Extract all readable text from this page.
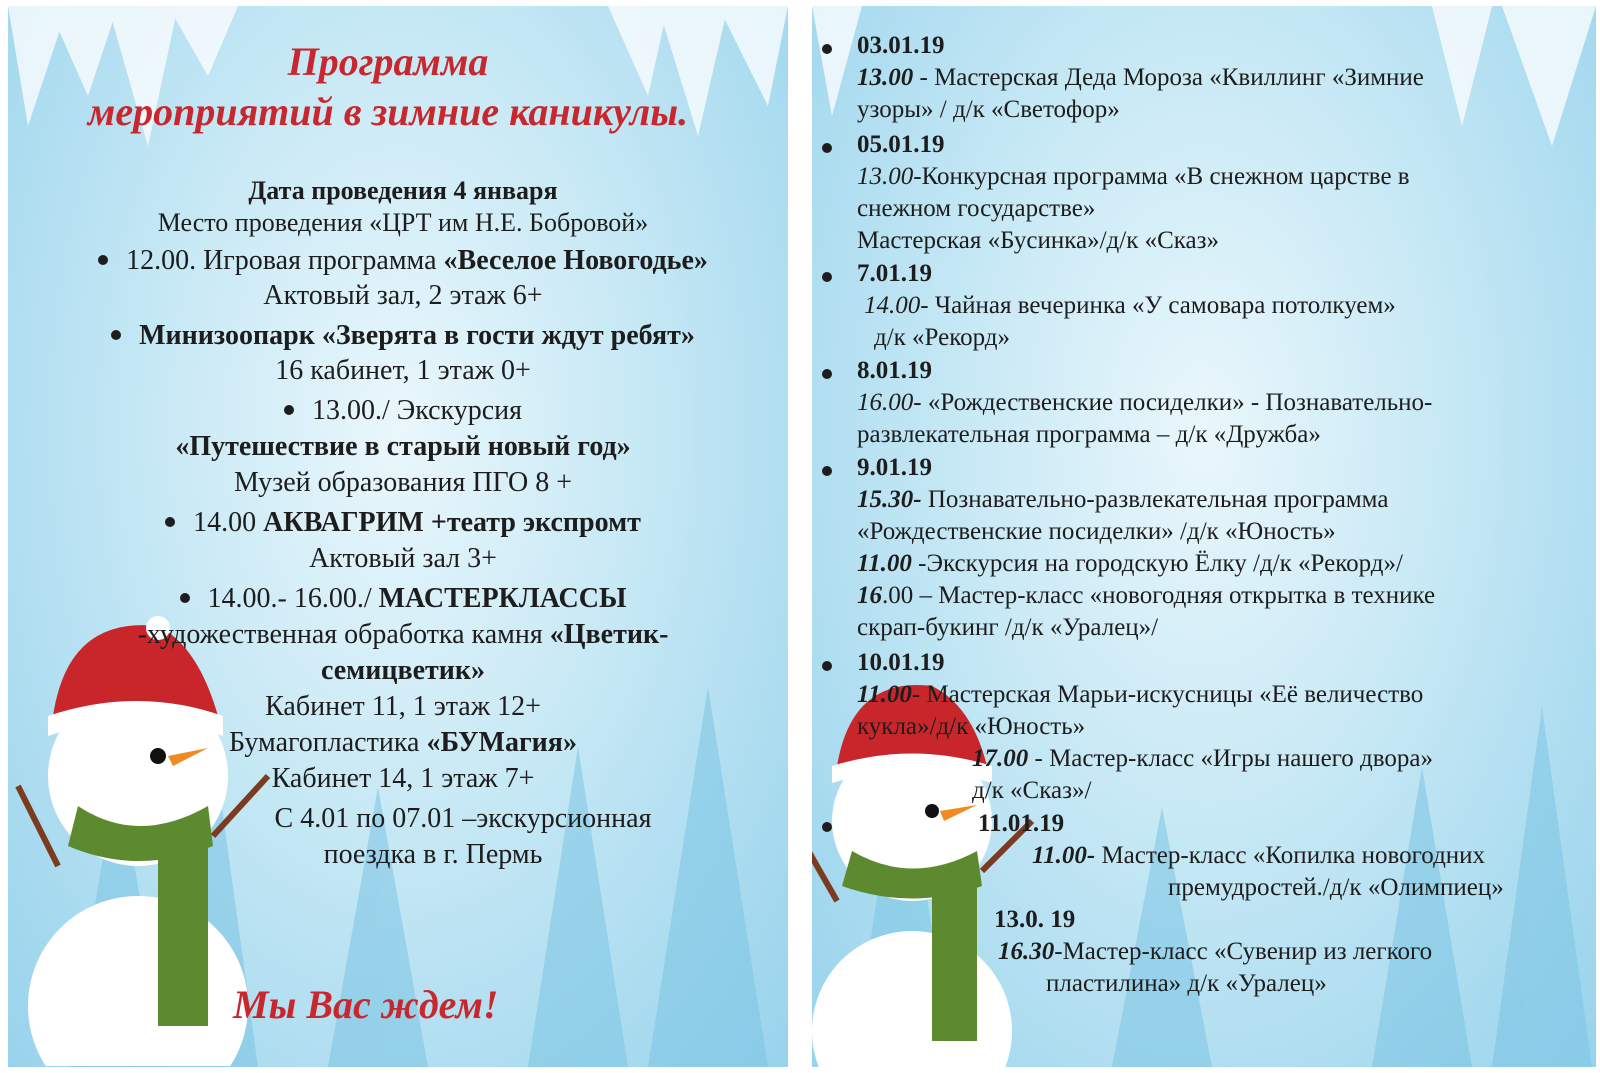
Программа
мероприятий в зимние каникулы.
Дата проведения 4 января
Место проведения «ЦРТ им Н.Е. Бобровой»
12.00. Игровая программа «Веселое Новогодье»
Актовый зал, 2 этаж 6+
Минизоопарк «Зверята в гости ждут ребят»
16 кабинет, 1 этаж 0+
13.00./ Экскурсия
«Путешествие в старый новый год»
Музей образования ПГО 8 +
14.00 АКВАГРИМ +театр экспромт
Актовый зал 3+
14.00.- 16.00./ МАСТЕРКЛАССЫ
-художественная обработка камня «Цветик-
семицветик»
Кабинет 11, 1 этаж 12+
Бумагопластика «БУМагия»
Кабинет 14, 1 этаж 7+
С 4.01 по 07.01 –экскурсионная
поездка в г. Пермь
Мы Вас ждем!
03.01.19
13.00 - Мастерская Деда Мороза «Квиллинг «Зимние
узоры» / д/к «Светофор»
05.01.19
13.00-Конкурсная программа «В снежном царстве в
снежном государстве»
Мастерская «Бусинка»/д/к «Сказ»
7.01.19
14.00- Чайная вечеринка «У самовара потолкуем»
д/к «Рекорд»
8.01.19
16.00- «Рождественские посиделки» - Познавательно-
развлекательная программа – д/к «Дружба»
9.01.19
15.30- Познавательно-развлекательная программа
«Рождественские посиделки» /д/к «Юность»
11.00 -Экскурсия на городскую Ёлку /д/к «Рекорд»/
16.00 – Мастер-класс «новогодняя открытка в технике
скрап-букинг /д/к «Уралец»/
10.01.19
11.00- Мастерская Марьи-искусницы «Её величество
кукла»/д/к «Юность»
17.00 - Мастер-класс «Игры нашего двора»
д/к «Сказ»/
11.01.19
11.00- Мастер-класс «Копилка новогодних
премудростей./д/к «Олимпиец»
13.0. 19
16.30-Мастер-класс «Сувенир из легкого
пластилина» д/к «Уралец»
